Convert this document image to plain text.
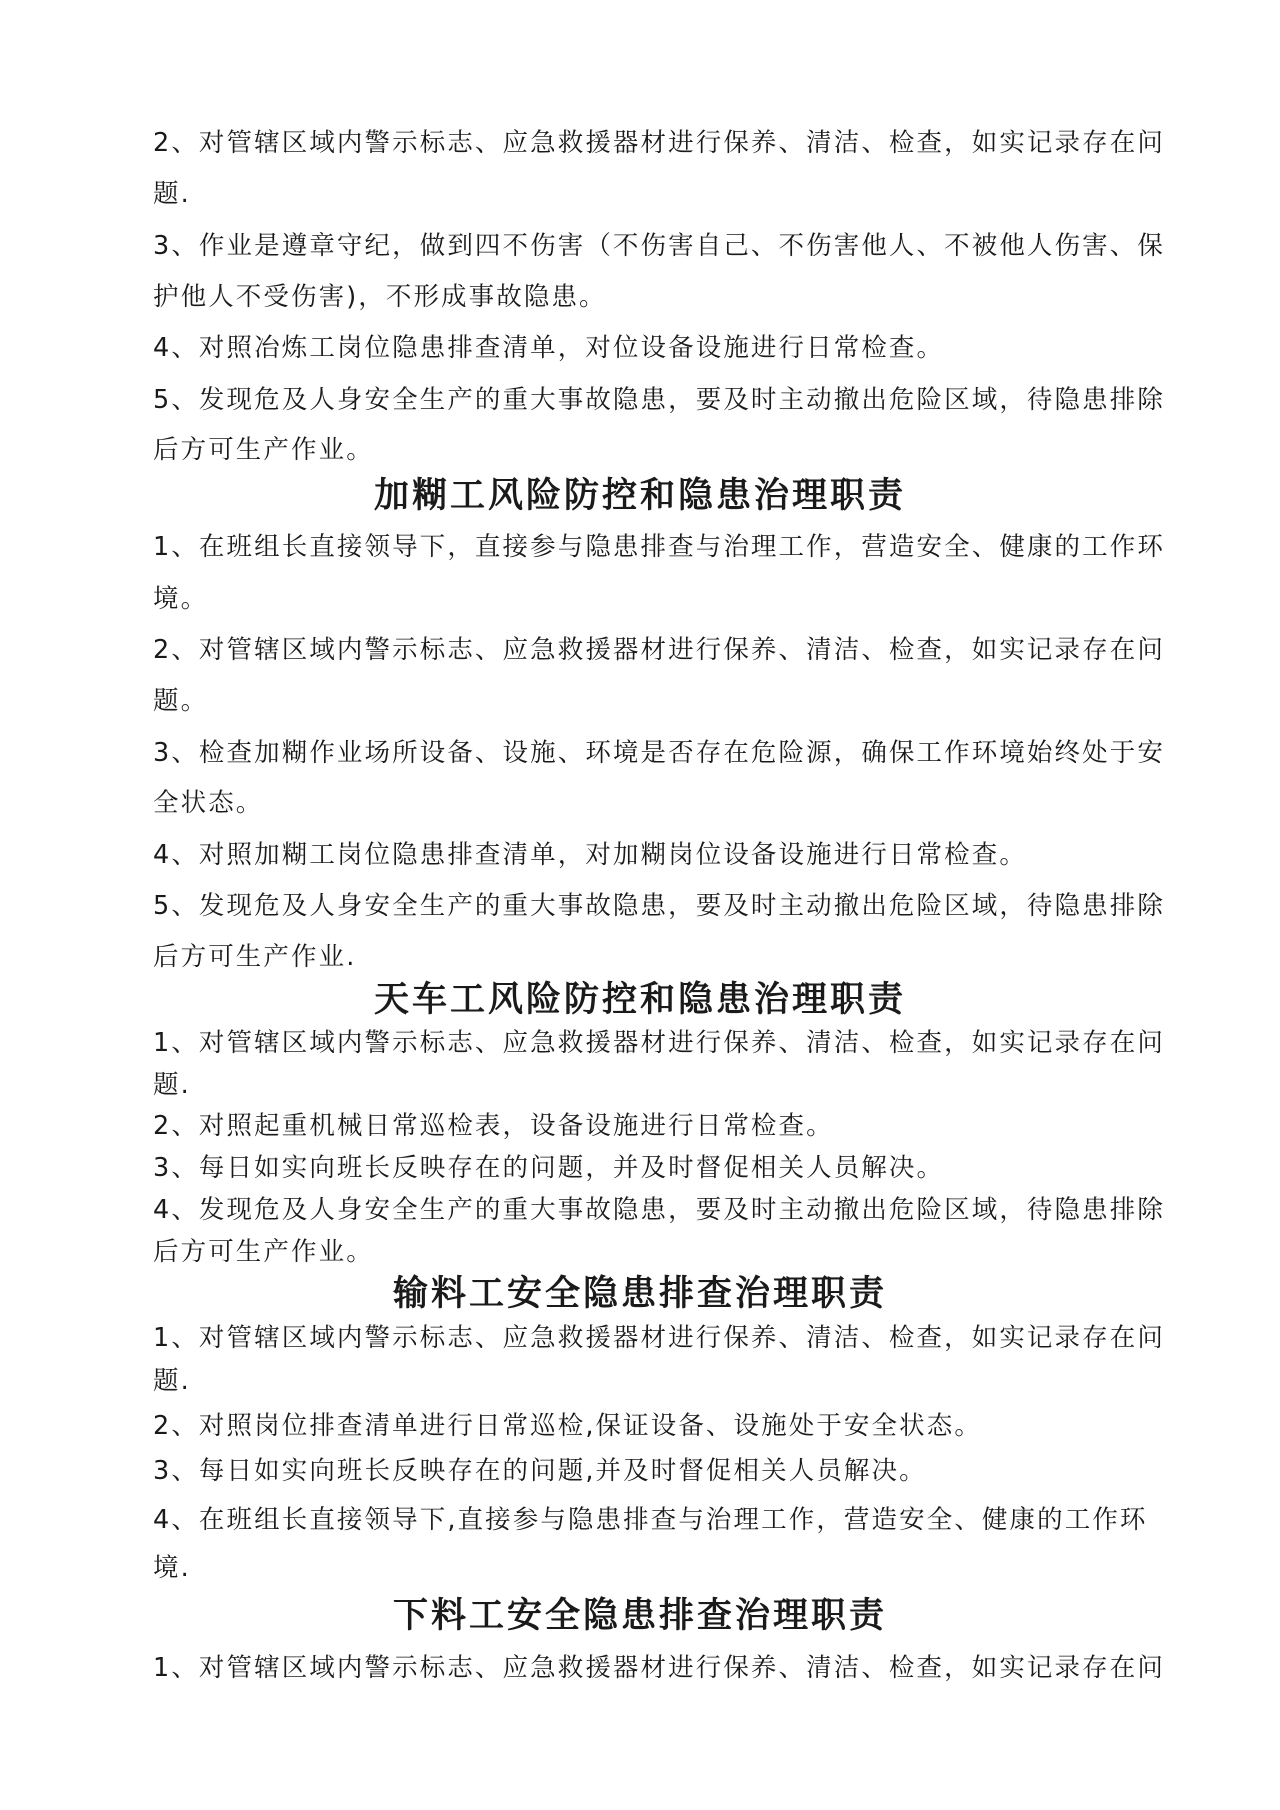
2、对管辖区域内警示标志、应急救援器材进行保养、清洁、检查，如实记录存在问
题.
3、作业是遵章守纪，做到四不伤害（不伤害自己、不伤害他人、不被他人伤害、保
护他人不受伤害)，不形成事故隐患。
4、对照冶炼工岗位隐患排查清单，对位设备设施进行日常检查。
5、发现危及人身安全生产的重大事故隐患，要及时主动撤出危险区域，待隐患排除
后方可生产作业。
加糊工风险防控和隐患治理职责
1、在班组长直接领导下，直接参与隐患排查与治理工作，营造安全、健康的工作环
境。
2、对管辖区域内警示标志、应急救援器材进行保养、清洁、检查，如实记录存在问
题。
3、检查加糊作业场所设备、设施、环境是否存在危险源，确保工作环境始终处于安
全状态。
4、对照加糊工岗位隐患排查清单，对加糊岗位设备设施进行日常检查。
5、发现危及人身安全生产的重大事故隐患，要及时主动撤出危险区域，待隐患排除
后方可生产作业.
天车工风险防控和隐患治理职责
1、对管辖区域内警示标志、应急救援器材进行保养、清洁、检查，如实记录存在问
题.
2、对照起重机械日常巡检表，设备设施进行日常检查。
3、每日如实向班长反映存在的问题，并及时督促相关人员解决。
4、发现危及人身安全生产的重大事故隐患，要及时主动撤出危险区域，待隐患排除
后方可生产作业。
输料工安全隐患排查治理职责
1、对管辖区域内警示标志、应急救援器材进行保养、清洁、检查，如实记录存在问
题.
2、对照岗位排查清单进行日常巡检,保证设备、设施处于安全状态。
3、每日如实向班长反映存在的问题,并及时督促相关人员解决。
4、在班组长直接领导下,直接参与隐患排查与治理工作，营造安全、健康的工作环
境.
下料工安全隐患排查治理职责
1、对管辖区域内警示标志、应急救援器材进行保养、清洁、检查，如实记录存在问
